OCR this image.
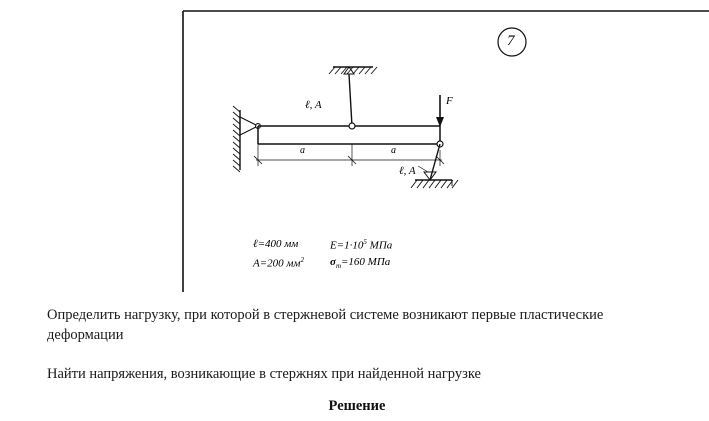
7
ℓ, A
ℓ, A
F
a	a
ℓ=400 мм	$E=1\cdot 10^5$ МПа
A=200 $мм^2$ $\sigma_т=160$ МПа
Определить нагрузку, при которой в стержневой системе возникают первые пластические деформации
Найти напряжения, возникающие в стержнях при найденной нагрузке
Решение
